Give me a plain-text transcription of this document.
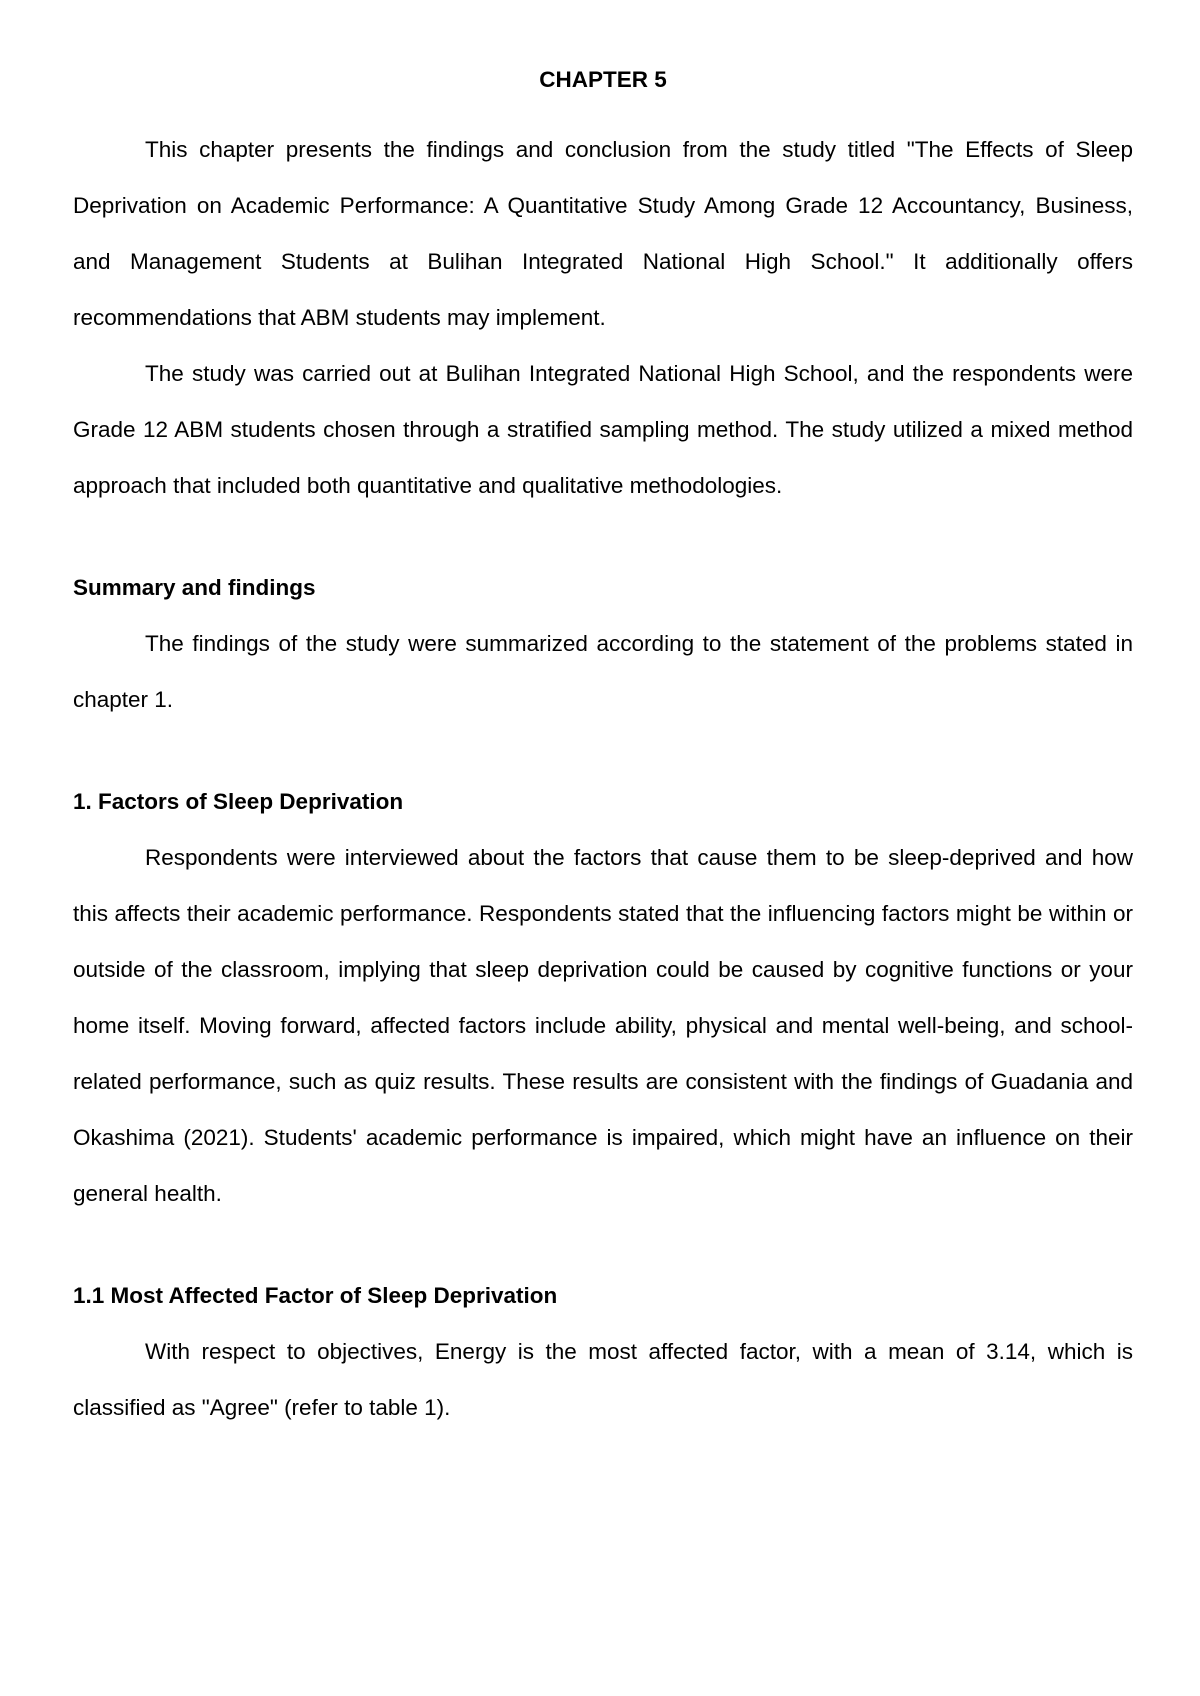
CHAPTER 5

This chapter presents the findings and conclusion from the study titled "The Effects of Sleep Deprivation on Academic Performance: A Quantitative Study Among Grade 12 Accountancy, Business, and Management Students at Bulihan Integrated National High School." It additionally offers recommendations that ABM students may implement.

The study was carried out at Bulihan Integrated National High School, and the respondents were Grade 12 ABM students chosen through a stratified sampling method. The study utilized a mixed method approach that included both quantitative and qualitative methodologies.

Summary and findings

The findings of the study were summarized according to the statement of the problems stated in chapter 1.

1. Factors of Sleep Deprivation

Respondents were interviewed about the factors that cause them to be sleep-deprived and how this affects their academic performance. Respondents stated that the influencing factors might be within or outside of the classroom, implying that sleep deprivation could be caused by cognitive functions or your home itself. Moving forward, affected factors include ability, physical and mental well-being, and school-related performance, such as quiz results. These results are consistent with the findings of Guadania and Okashima (2021). Students' academic performance is impaired, which might have an influence on their general health.

1.1 Most Affected Factor of Sleep Deprivation

With respect to objectives, Energy is the most affected factor, with a mean of 3.14, which is classified as "Agree" (refer to table 1).
